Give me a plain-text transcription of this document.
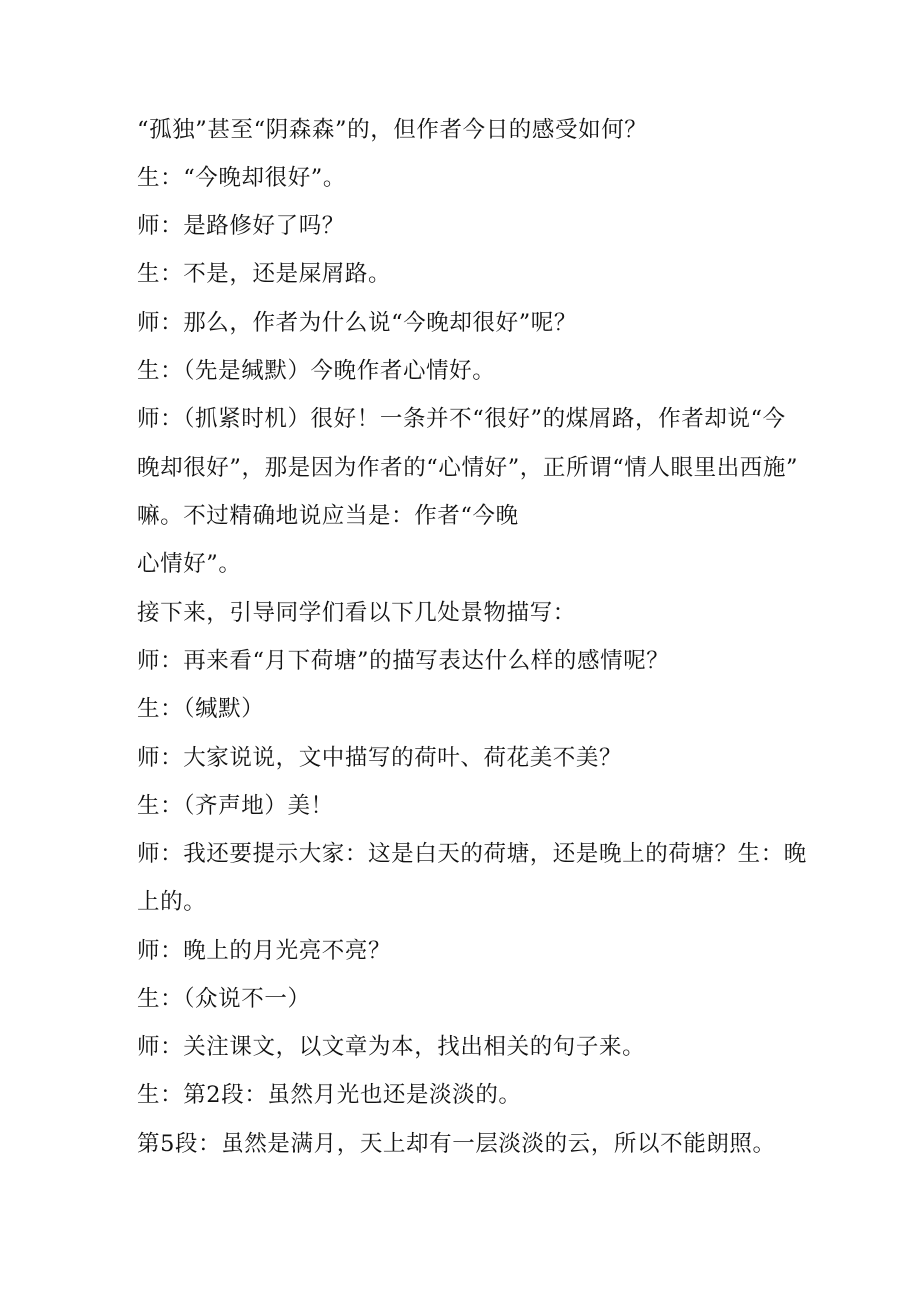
“孤独”甚至“阴森森”的，但作者今日的感受如何？

生：“今晚却很好”。

师：是路修好了吗？

生：不是，还是屎屑路。

师：那么，作者为什么说“今晚却很好”呢？

生：（先是缄默）今晚作者心情好。

师：（抓紧时机）很好！一条并不“很好”的煤屑路，作者却说“今

晚却很好”，那是因为作者的“心情好”，正所谓“情人眼里出西施”

嘛。不过精确地说应当是：作者“今晚

心情好”。

接下来，引导同学们看以下几处景物描写：

师：再来看“月下荷塘”的描写表达什么样的感情呢？

生：（缄默）

师：大家说说，文中描写的荷叶、荷花美不美？

生：（齐声地）美！

师：我还要提示大家：这是白天的荷塘，还是晚上的荷塘？生：晚

上的。

师：晚上的月光亮不亮？

生：（众说不一）

师：关注课文，以文章为本，找出相关的句子来。

生：第2段：虽然月光也还是淡淡的。

第5段：虽然是满月，天上却有一层淡淡的云，所以不能朗照。
